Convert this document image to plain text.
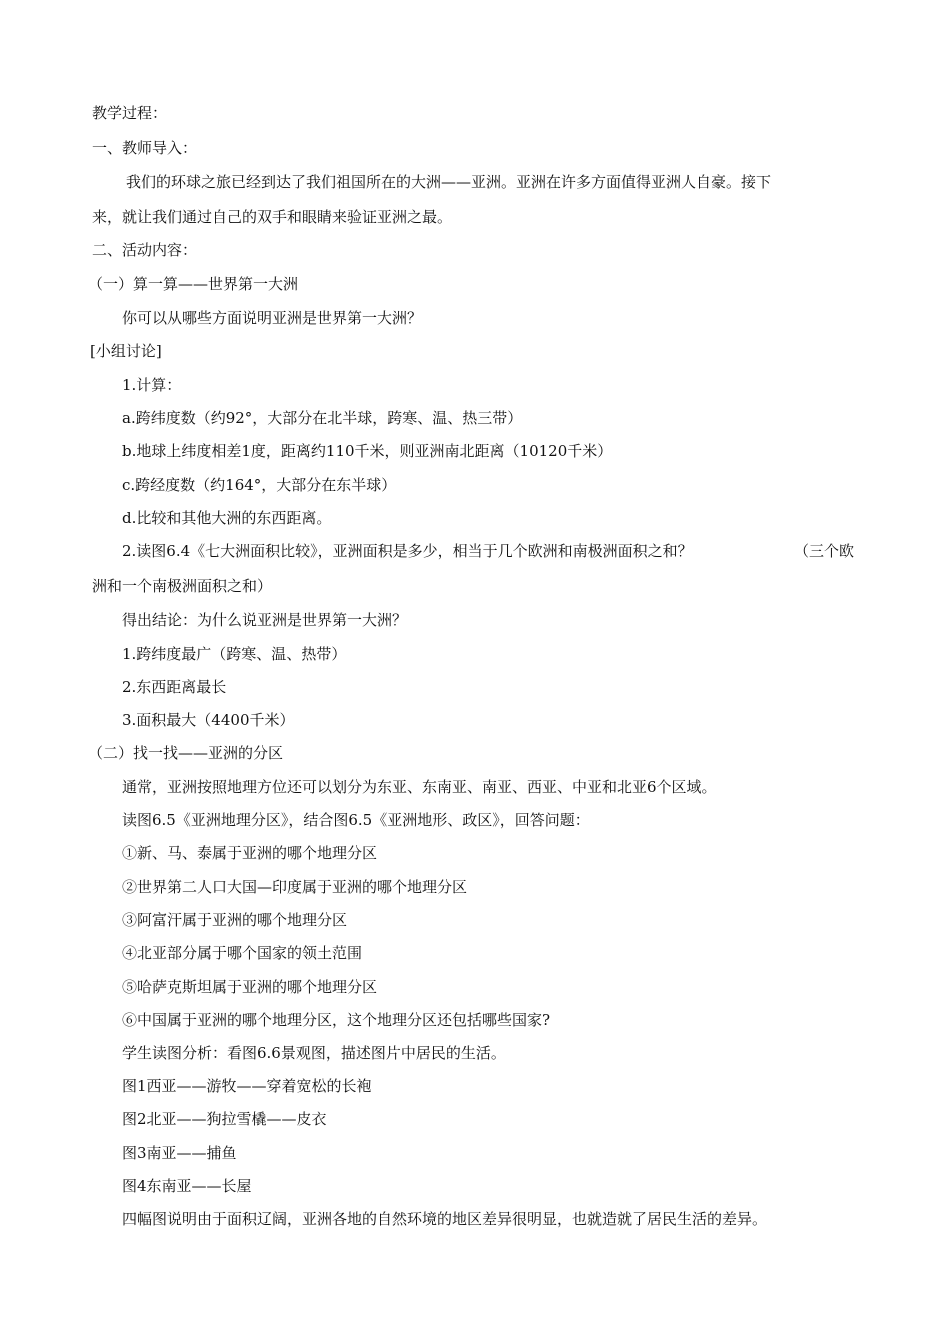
教学过程：

一、教师导入：

我们的环球之旅已经到达了我们祖国所在的大洲——亚洲。亚洲在许多方面值得亚洲人自豪。接下

来，就让我们通过自己的双手和眼睛来验证亚洲之最。

二、活动内容：

（一）算一算——世界第一大洲

你可以从哪些方面说明亚洲是世界第一大洲？

[小组讨论]

1.计算：

a.跨纬度数（约92°，大部分在北半球，跨寒、温、热三带）

b.地球上纬度相差1度，距离约110千米，则亚洲南北距离（10120千米）

c.跨经度数（约164°，大部分在东半球）

d.比较和其他大洲的东西距离。

2.读图6.4《七大洲面积比较》，亚洲面积是多少，相当于几个欧洲和南极洲面积之和？	（三个欧

洲和一个南极洲面积之和）

得出结论：为什么说亚洲是世界第一大洲？

1.跨纬度最广（跨寒、温、热带）

2.东西距离最长

3.面积最大（4400千米）

（二）找一找——亚洲的分区

通常，亚洲按照地理方位还可以划分为东亚、东南亚、南亚、西亚、中亚和北亚6个区域。

读图6.5《亚洲地理分区》，结合图6.5《亚洲地形、政区》，回答问题：

①新、马、泰属于亚洲的哪个地理分区

②世界第二人口大国—印度属于亚洲的哪个地理分区

③阿富汗属于亚洲的哪个地理分区

④北亚部分属于哪个国家的领土范围

⑤哈萨克斯坦属于亚洲的哪个地理分区

⑥中国属于亚洲的哪个地理分区，这个地理分区还包括哪些国家?

学生读图分析：看图6.6景观图，描述图片中居民的生活。

图1西亚——游牧——穿着宽松的长袍

图2北亚——狗拉雪橇——皮衣

图3南亚——捕鱼

图4东南亚——长屋

四幅图说明由于面积辽阔，亚洲各地的自然环境的地区差异很明显，也就造就了居民生活的差异。
